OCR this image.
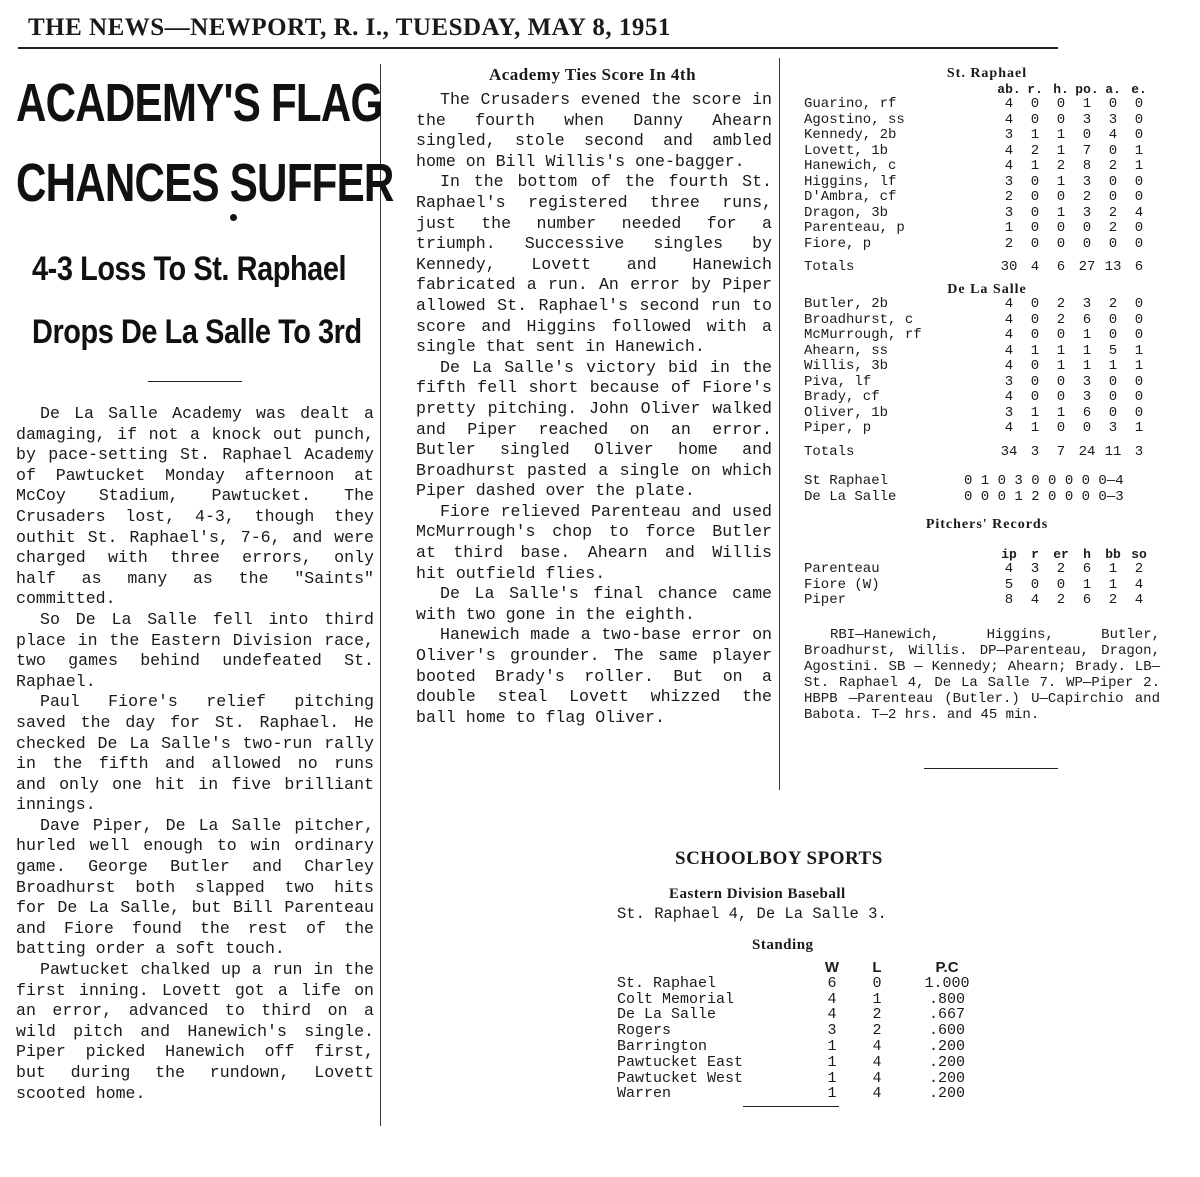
THE NEWS—NEWPORT, R. I., TUESDAY, MAY 8, 1951
ACADEMY'S FLAG
CHANCES SUFFER
4-3 Loss To St. Raphael
Drops De La Salle To 3rd

De La Salle Academy was dealt a damaging, if not a knock out punch, by pace-setting St. Raphael Academy of Pawtucket Monday afternoon at McCoy Stadium, Pawtucket. The Crusaders lost, 4-3, though they outhit St. Raphael's, 7-6, and were charged with three errors, only half as many as the "Saints" committed.

So De La Salle fell into third place in the Eastern Division race, two games behind undefeated St. Raphael.

Paul Fiore's relief pitching saved the day for St. Raphael. He checked De La Salle's two-run rally in the fifth and allowed no runs and only one hit in five brilliant innings.

Dave Piper, De La Salle pitcher, hurled well enough to win ordinary game. George Butler and Charley Broadhurst both slapped two hits for De La Salle, but Bill Parenteau and Fiore found the rest of the batting order a soft touch.

Pawtucket chalked up a run in the first inning. Lovett got a life on an error, advanced to third on a wild pitch and Hanewich's single. Piper picked Hanewich off first, but during the rundown, Lovett scooted home.

Academy Ties Score In 4th

The Crusaders evened the score in the fourth when Danny Ahearn singled, stole second and ambled home on Bill Willis's one-bagger.

In the bottom of the fourth St. Raphael's registered three runs, just the number needed for a triumph. Successive singles by Kennedy, Lovett and Hanewich fabricated a run. An error by Piper allowed St. Raphael's second run to score and Higgins followed with a single that sent in Hanewich.

De La Salle's victory bid in the fifth fell short because of Fiore's pretty pitching. John Oliver walked and Piper reached on an error. Butler singled Oliver home and Broadhurst pasted a single on which Piper dashed over the plate.

Fiore relieved Parenteau and used McMurrough's chop to force Butler at third base. Ahearn and Willis hit outfield flies.

De La Salle's final chance came with two gone in the eighth.

Hanewich made a two-base error on Oliver's grounder. The same player booted Brady's roller. But on a double steal Lovett whizzed the ball home to flag Oliver.

St. Raphael
	ab.	r.	h.	po.	a.	e.
Guarino, rf	4	0	0	1	0	0
Agostino, ss	4	0	0	3	3	0
Kennedy, 2b	3	1	1	0	4	0
Lovett, 1b	4	2	1	7	0	1
Hanewich, c	4	1	2	8	2	1
Higgins, lf	3	0	1	3	0	0
D'Ambra, cf	2	0	0	2	0	0
Dragon, 3b	3	0	1	3	2	4
Parenteau, p	1	0	0	0	2	0
Fiore, p	2	0	0	0	0	0
Totals	30	4	6	27	13	6
De La Salle
Butler, 2b	4	0	2	3	2	0
Broadhurst, c	4	0	2	6	0	0
McMurrough, rf	4	0	0	1	0	0
Ahearn, ss	4	1	1	1	5	1
Willis, 3b	4	0	1	1	1	1
Piva, lf	3	0	0	3	0	0
Brady, cf	4	0	0	3	0	0
Oliver, 1b	3	1	1	6	0	0
Piper, p	4	1	0	0	3	1
Totals	34	3	7	24	11	3
St Raphael	0 1 0 3 0 0 0 0 0—4
De La Salle	0 0 0 1 2 0 0 0 0—3
Pitchers' Records
	ip	r	er	h	bb	so
Parenteau	4	3	2	6	1	2
Fiore (W)	5	0	0	1	1	4
Piper	8	4	2	6	2	4
RBI—Hanewich, Higgins, Butler, Broadhurst, Willis. DP—Parenteau, Dragon, Agostini. SB — Kennedy; Ahearn; Brady. LB—St. Raphael 4, De La Salle 7. WP—Piper 2. HBPB —Parenteau (Butler.) U—Capirchio and Babota. T—2 hrs. and 45 min.
SCHOOLBOY SPORTS
Eastern Division Baseball
St. Raphael 4, De La Salle 3.
Standing
	W	L	P.C
St. Raphael	6	0	1.000
Colt Memorial	4	1	.800
De La Salle	4	2	.667
Rogers	3	2	.600
Barrington	1	4	.200
Pawtucket East	1	4	.200
Pawtucket West	1	4	.200
Warren	1	4	.200
